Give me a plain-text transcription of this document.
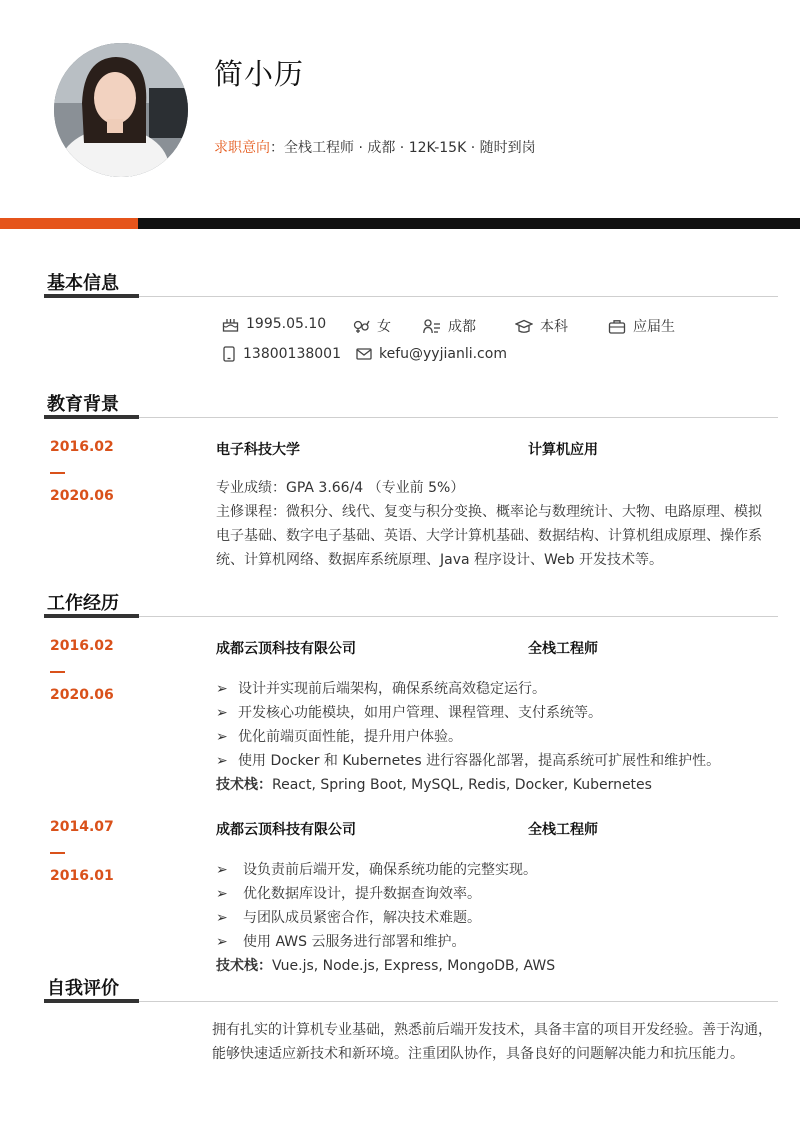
简小历
求职意向：全栈工程师 · 成都 · 12K-15K · 随时到岗
基本信息
1995.05.10	女	成都	本科	应届生
13800138001	kefu@yyjianli.com
教育背景
2016.02
2020.06
电子科技大学	计算机应用
专业成绩：GPA 3.66/4 （专业前 5%）
主修课程：微积分、线代、复变与积分变换、概率论与数理统计、大物、电路原理、模拟电子基础、数字电子基础、英语、大学计算机基础、数据结构、计算机组成原理、操作系统、计算机网络、数据库系统原理、Java 程序设计、Web 开发技术等。
工作经历
2016.02
2020.06
成都云顶科技有限公司	全栈工程师
➢ 设计并实现前后端架构，确保系统高效稳定运行。
➢ 开发核心功能模块，如用户管理、课程管理、支付系统等。
➢ 优化前端页面性能，提升用户体验。
➢ 使用 Docker 和 Kubernetes 进行容器化部署，提高系统可扩展性和维护性。
技术栈：React, Spring Boot, MySQL, Redis, Docker, Kubernetes
2014.07
2016.01
成都云顶科技有限公司	全栈工程师
➢ 设负责前后端开发，确保系统功能的完整实现。
➢ 优化数据库设计，提升数据查询效率。
➢ 与团队成员紧密合作，解决技术难题。
➢ 使用 AWS 云服务进行部署和维护。
技术栈：Vue.js, Node.js, Express, MongoDB, AWS
自我评价
拥有扎实的计算机专业基础，熟悉前后端开发技术，具备丰富的项目开发经验。善于沟通，能够快速适应新技术和新环境。注重团队协作，具备良好的问题解决能力和抗压能力。
